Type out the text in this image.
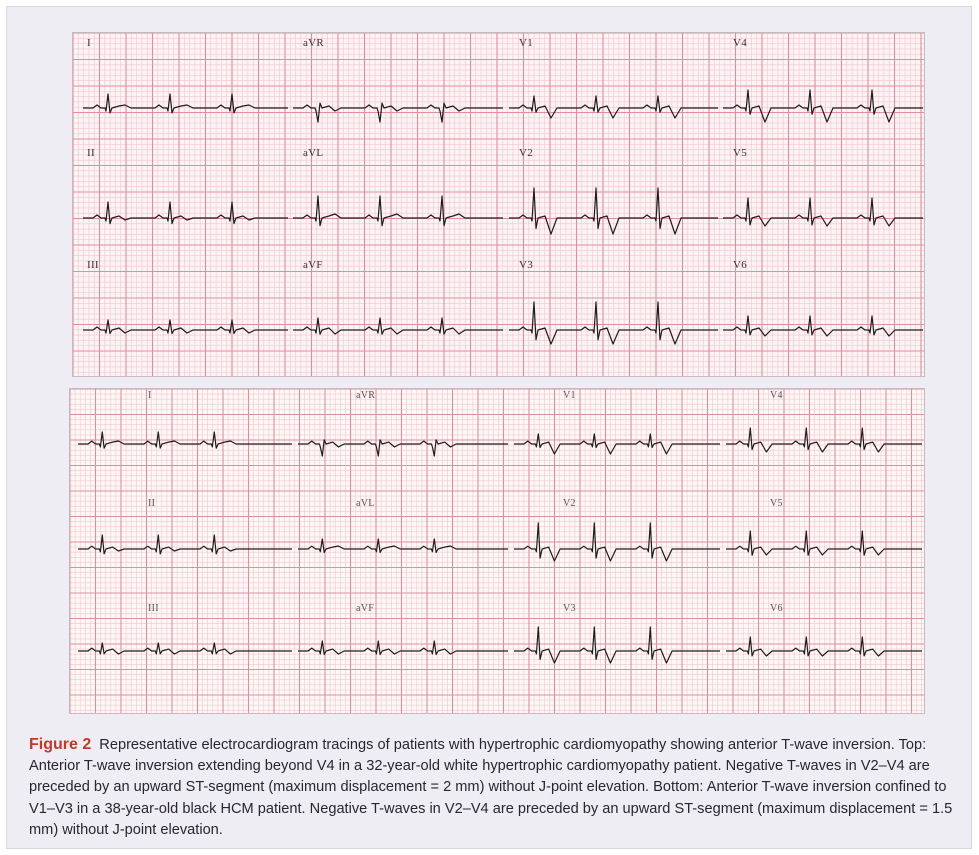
I	aVR	V1	V4
II	aVL	V2	V5
III	aVF	V3	V6
I	aVR	V1	V4
II	aVL	V2	V5
III	aVF	V3	V6
Figure 2 Representative electrocardiogram tracings of patients with hypertrophic cardiomyopathy showing anterior T-wave inversion. Top: Anterior T-wave inversion extending beyond V4 in a 32-year-old white hypertrophic cardiomyopathy patient. Negative T-waves in V2–V4 are preceded by an upward ST-segment (maximum displacement = 2 mm) without J-point elevation. Bottom: Anterior T-wave inversion confined to V1–V3 in a 38-year-old black HCM patient. Negative T-waves in V2–V4 are preceded by an upward ST-segment (maximum displacement = 1.5 mm) without J-point elevation.
